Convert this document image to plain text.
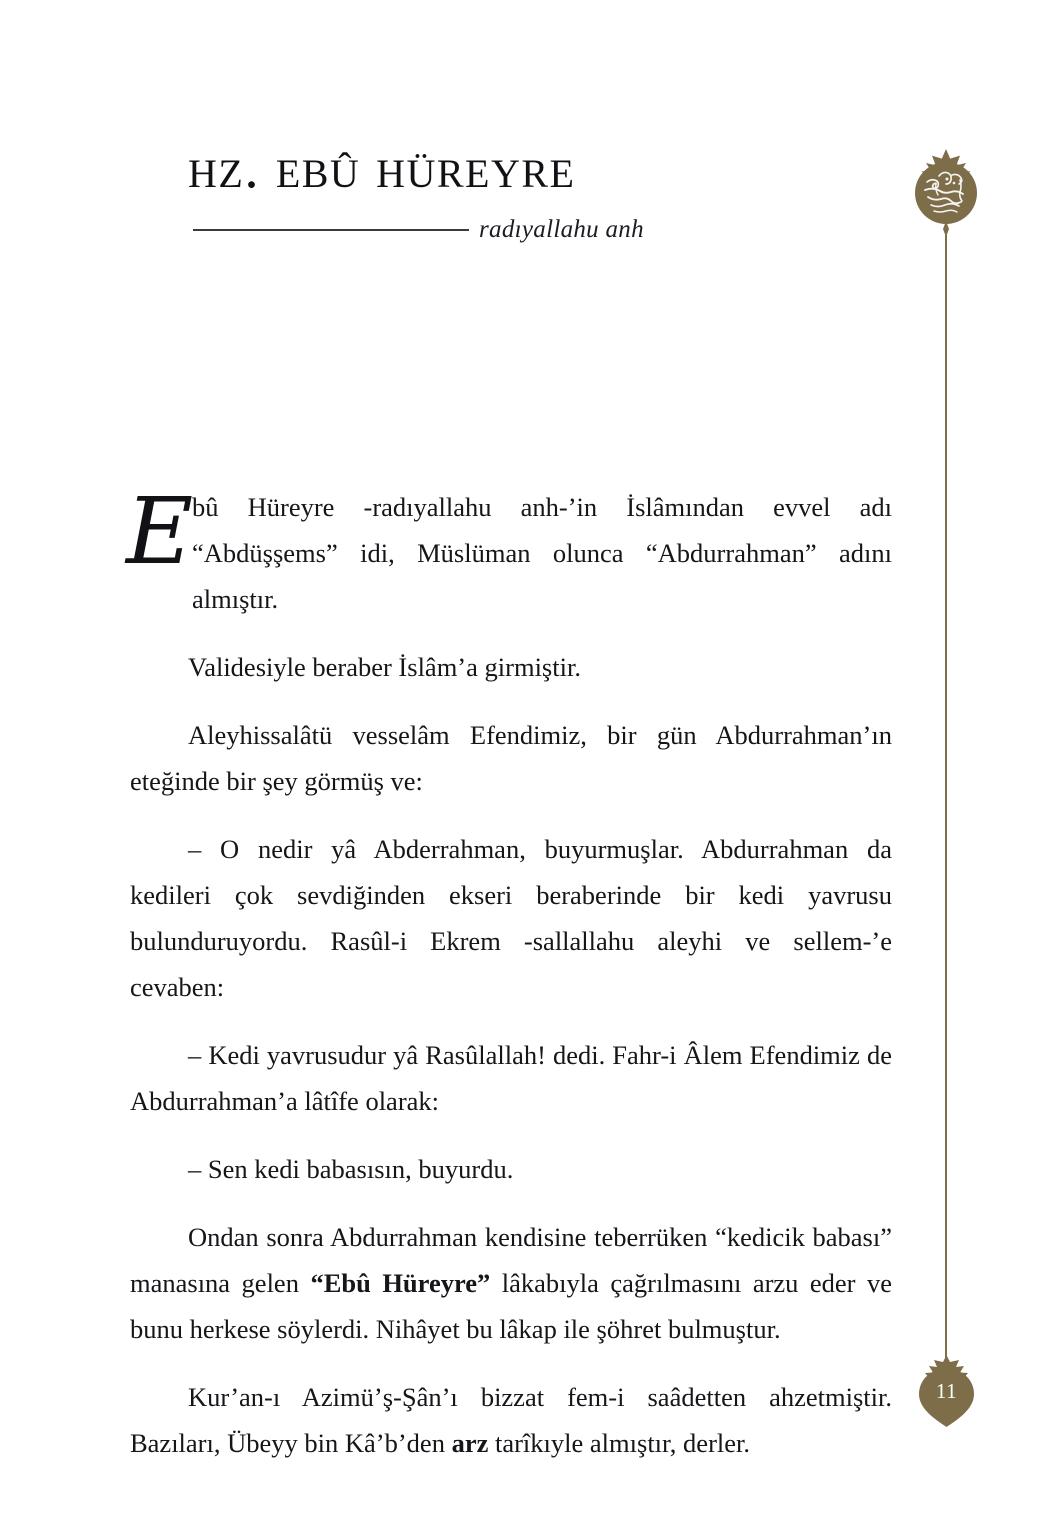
hz. ebû hüreyre
radıyallahu anh
11

E
bû Hüreyre -radıyallahu anh-’in İslâmından evvel adı “Abdüşşems” idi, Müslüman olunca “Abdurrahman” adını almıştır.

Validesiyle beraber İslâm’a girmiştir.

Aleyhissalâtü vesselâm Efendimiz, bir gün Abdurrahman’ın eteğinde bir şey görmüş ve:

– O nedir yâ Abderrahman, buyurmuşlar. Abdurrahman da kedileri çok sevdiğinden ekseri beraberinde bir kedi yavrusu bulunduruyordu. Rasûl-i Ekrem -sallallahu aleyhi ve sellem-’e cevaben:

– Kedi yavrusudur yâ Rasûlallah! dedi. Fahr-i Âlem Efendimiz de Abdurrahman’a lâtîfe olarak:

– Sen kedi babasısın, buyurdu.

Ondan sonra Abdurrahman kendisine teberrüken “kedicik babası” manasına gelen “Ebû Hüreyre” lâkabıyla çağrılmasını arzu eder ve bunu herkese söylerdi. Nihâyet bu lâkap ile şöhret bulmuştur.

Kur’an-ı Azimü’ş-Şân’ı bizzat fem-i saâdetten ahzetmiştir. Bazıları, Übeyy bin Kâ’b’den arz tarîkıyle almıştır, derler.
